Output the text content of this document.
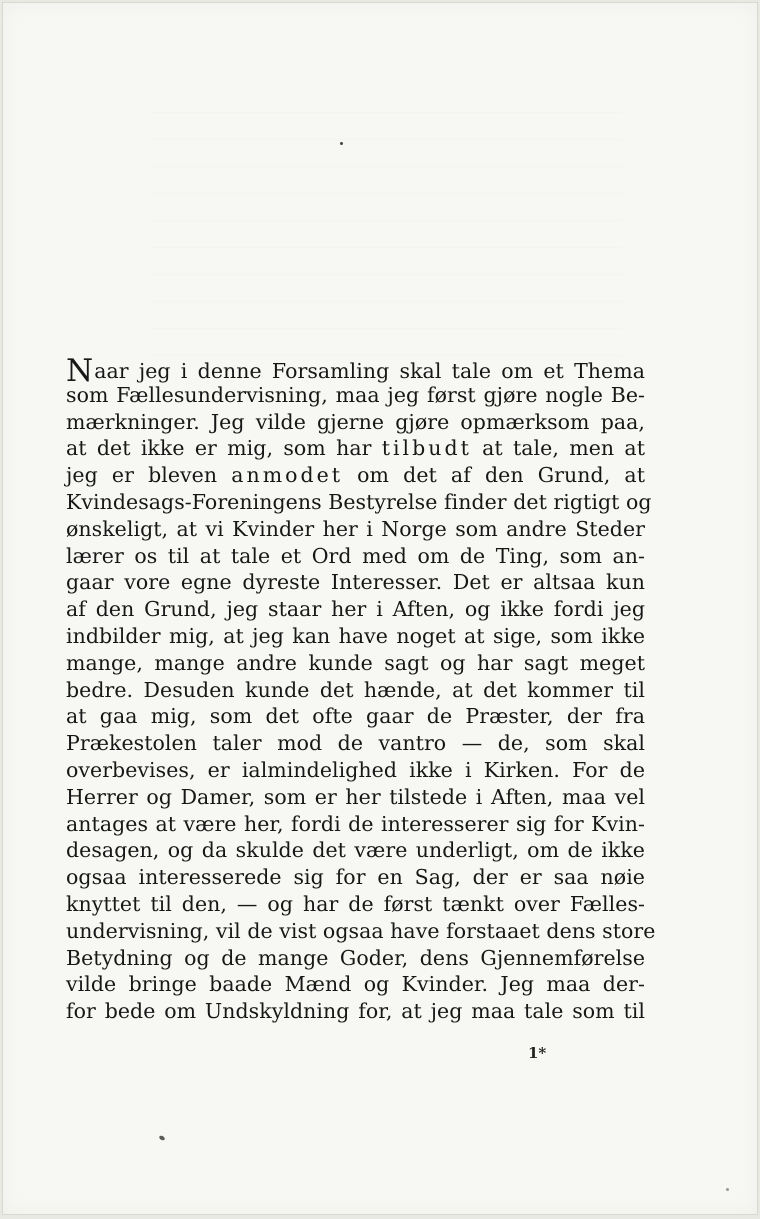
Naar jeg i denne Forsamling skal tale om et Thema
som Fællesundervisning, maa jeg først gjøre nogle Be-
mærkninger. Jeg vilde gjerne gjøre opmærksom paa,
at det ikke er mig, som har tilbudt at tale, men at
jeg er bleven anmodet om det af den Grund, at
Kvindesags-Foreningens Bestyrelse finder det rigtigt og
ønskeligt, at vi Kvinder her i Norge som andre Steder
lærer os til at tale et Ord med om de Ting, som an-
gaar vore egne dyreste Interesser. Det er altsaa kun
af den Grund, jeg staar her i Aften, og ikke fordi jeg
indbilder mig, at jeg kan have noget at sige, som ikke
mange, mange andre kunde sagt og har sagt meget
bedre. Desuden kunde det hænde, at det kommer til
at gaa mig, som det ofte gaar de Præster, der fra
Prækestolen taler mod de vantro — de, som skal
overbevises, er ialmindelighed ikke i Kirken. For de
Herrer og Damer, som er her tilstede i Aften, maa vel
antages at være her, fordi de interesserer sig for Kvin-
desagen, og da skulde det være underligt, om de ikke
ogsaa interesserede sig for en Sag, der er saa nøie
knyttet til den, — og har de først tænkt over Fælles-
undervisning, vil de vist ogsaa have forstaaet dens store
Betydning og de mange Goder, dens Gjennemførelse
vilde bringe baade Mænd og Kvinder. Jeg maa der-
for bede om Undskyldning for, at jeg maa tale som til
1*
